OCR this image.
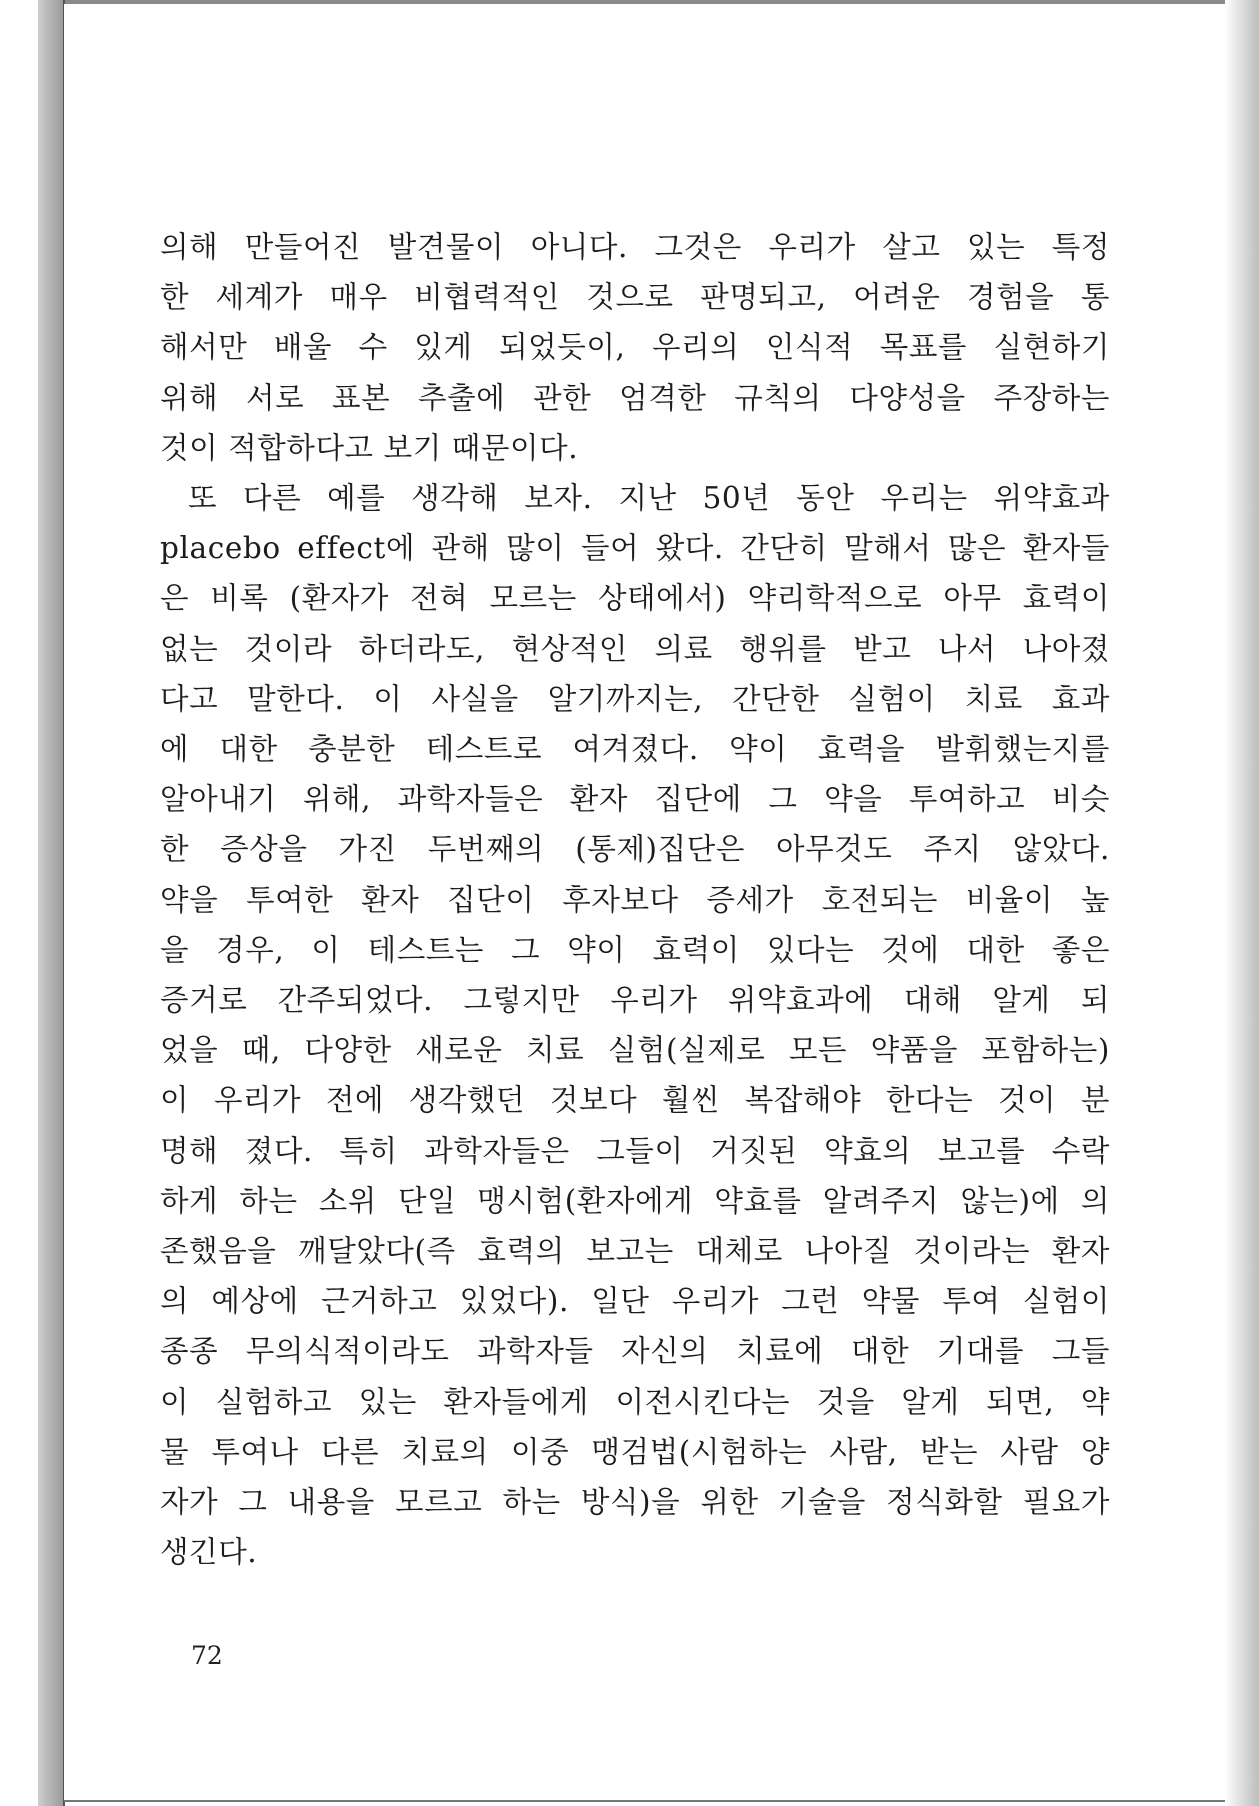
의해 만들어진 발견물이 아니다. 그것은 우리가 살고 있는 특정
한 세계가 매우 비협력적인 것으로 판명되고, 어려운 경험을 통
해서만 배울 수 있게 되었듯이, 우리의 인식적 목표를 실현하기
위해 서로 표본 추출에 관한 엄격한 규칙의 다양성을 주장하는
것이 적합하다고 보기 때문이다.

또 다른 예를 생각해 보자. 지난 50년 동안 우리는 위약효과
placebo effect에 관해 많이 들어 왔다. 간단히 말해서 많은 환자들
은 비록 (환자가 전혀 모르는 상태에서) 약리학적으로 아무 효력이
없는 것이라 하더라도, 현상적인 의료 행위를 받고 나서 나아졌
다고 말한다. 이 사실을 알기까지는, 간단한 실험이 치료 효과
에 대한 충분한 테스트로 여겨졌다. 약이 효력을 발휘했는지를
알아내기 위해, 과학자들은 환자 집단에 그 약을 투여하고 비슷
한 증상을 가진 두번째의 (통제)집단은 아무것도 주지 않았다.
약을 투여한 환자 집단이 후자보다 증세가 호전되는 비율이 높
을 경우, 이 테스트는 그 약이 효력이 있다는 것에 대한 좋은
증거로 간주되었다. 그렇지만 우리가 위약효과에 대해 알게 되
었을 때, 다양한 새로운 치료 실험(실제로 모든 약품을 포함하는)
이 우리가 전에 생각했던 것보다 훨씬 복잡해야 한다는 것이 분
명해 졌다. 특히 과학자들은 그들이 거짓된 약효의 보고를 수락
하게 하는 소위 단일 맹시험(환자에게 약효를 알려주지 않는)에 의
존했음을 깨달았다(즉 효력의 보고는 대체로 나아질 것이라는 환자
의 예상에 근거하고 있었다). 일단 우리가 그런 약물 투여 실험이
종종 무의식적이라도 과학자들 자신의 치료에 대한 기대를 그들
이 실험하고 있는 환자들에게 이전시킨다는 것을 알게 되면, 약
물 투여나 다른 치료의 이중 맹검법(시험하는 사람, 받는 사람 양
자가 그 내용을 모르고 하는 방식)을 위한 기술을 정식화할 필요가
생긴다.

72
